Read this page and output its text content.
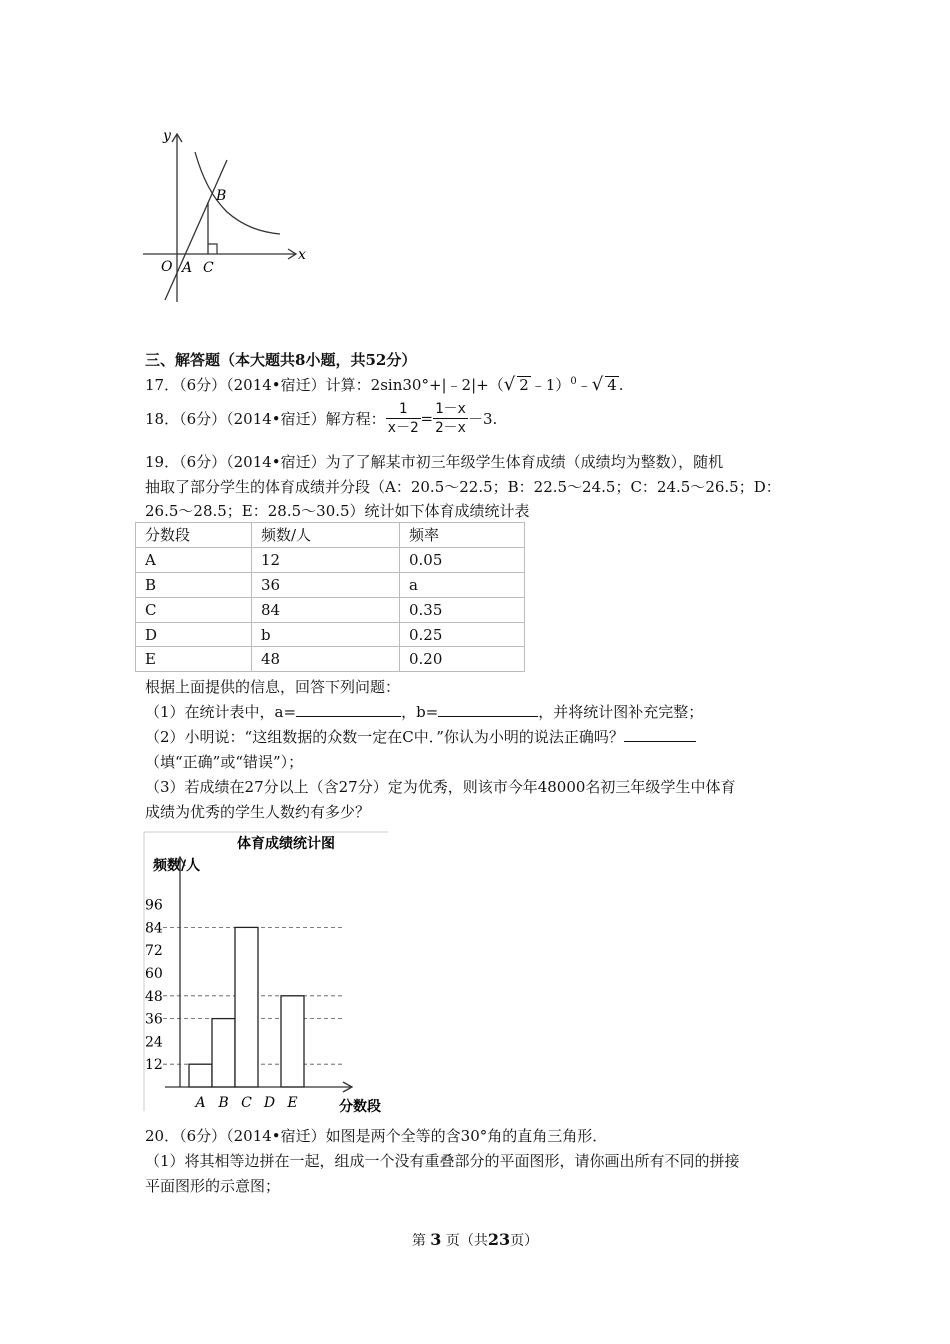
y
x
O A C
B
三、解答题（本大题共8小题，共52分）
17．（6分）（2014•宿迁）计算：2sin30°+|﹣2|+（√ 2 ﹣1）$^0$﹣√ 4 .
18．（6分）（2014•宿迁）解方程： $\frac{1}{x-2} = \frac{1-x}{2-x} -3$.
19．（6分）（2014•宿迁）为了了解某市初三年级学生体育成绩（成绩均为整数），随机
抽取了部分学生的体育成绩并分段（A：20.5～22.5；B：22.5～24.5；C：24.5～26.5；D：
26.5～28.5；E：28.5～30.5）统计如下体育成绩统计表
分数段	频数/人	频率
A	12	0.05
B	36	a
C	84	0.35
D	b	0.25
E	48	0.20
根据上面提供的信息，回答下列问题：
（1）在统计表中，a=	，b=	，并将统计图补充完整；
（2）小明说：“这组数据的众数一定在C中．”你认为小明的说法正确吗？
（填“正确”或“错误”）；
（3）若成绩在27分以上（含27分）定为优秀，则该市今年48000名初三年级学生中体育
成绩为优秀的学生人数约有多少？
体育成绩统计图
频数/人
分数段
12
24
36
48
60
72
84
96
A B C D E
20．（6分）（2014•宿迁）如图是两个全等的含30°角的直角三角形．
（1）将其相等边拼在一起，组成一个没有重叠部分的平面图形，请你画出所有不同的拼接
平面图形的示意图；
第 3 页（共23页）
